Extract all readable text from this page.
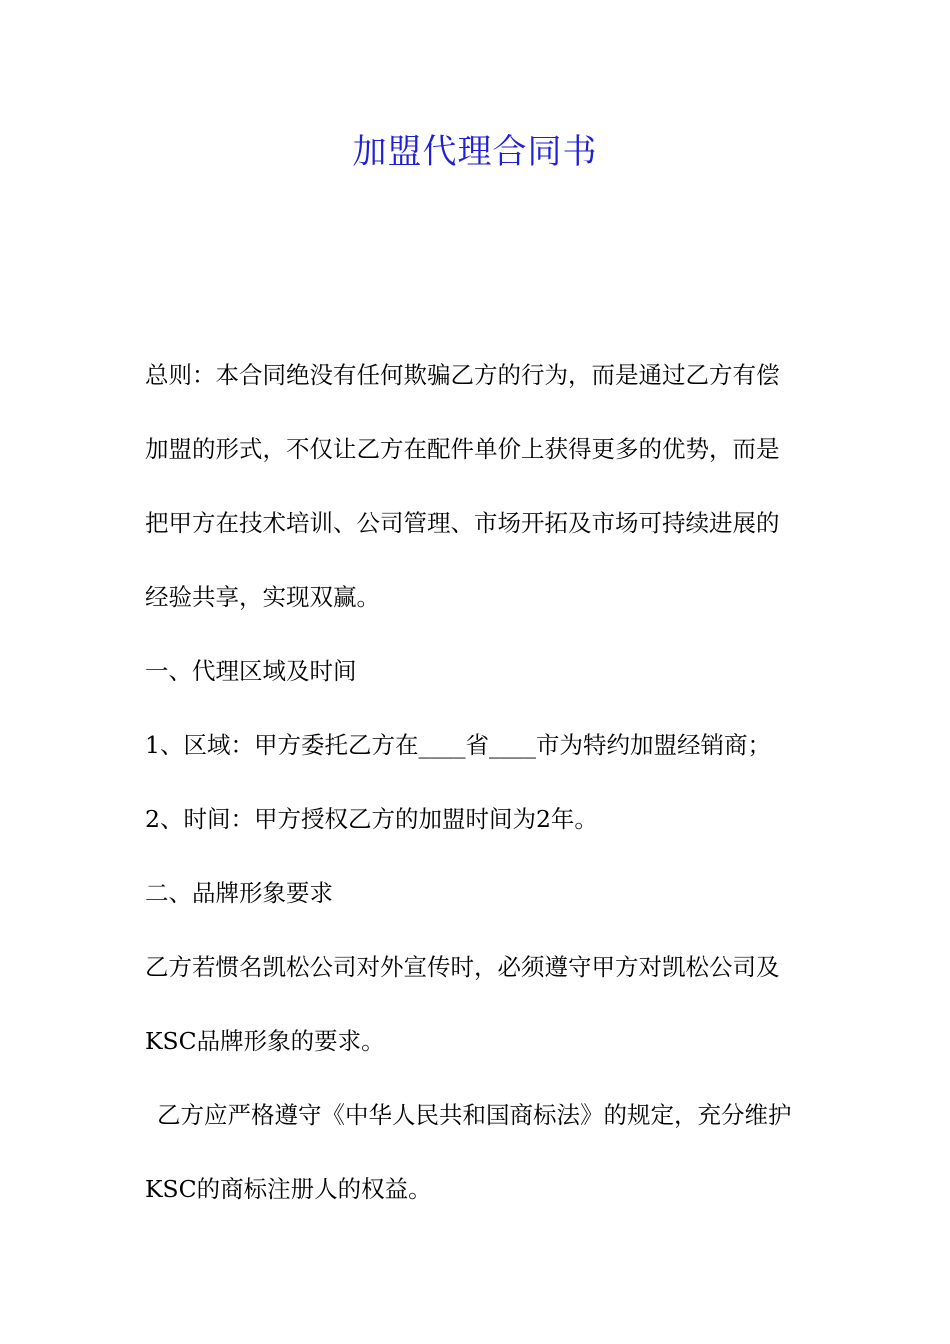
加盟代理合同书

总则：本合同绝没有任何欺骗乙方的行为，而是通过乙方有偿

加盟的形式，不仅让乙方在配件单价上获得更多的优势，而是

把甲方在技术培训、公司管理、市场开拓及市场可持续进展的

经验共享，实现双赢。

一、代理区域及时间

1、区域：甲方委托乙方在____省____市为特约加盟经销商；

2、时间：甲方授权乙方的加盟时间为2年。

二、品牌形象要求

乙方若惯名凯松公司对外宣传时，必须遵守甲方对凯松公司及

KSC品牌形象的要求。

乙方应严格遵守《中华人民共和国商标法》的规定，充分维护

KSC的商标注册人的权益。
